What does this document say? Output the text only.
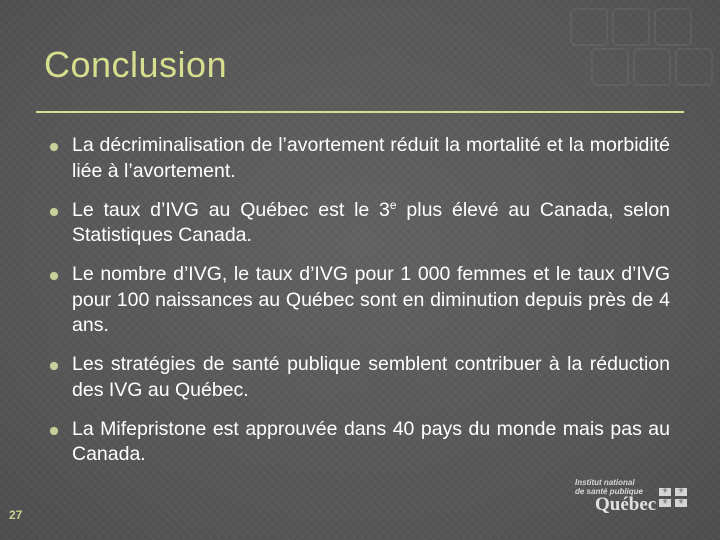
Conclusion
La décriminalisation de l’avortement réduit la mortalité et la morbidité liée à l’avortement.
Le taux d’IVG au Québec est le 3e plus élevé au Canada, selon Statistiques Canada.
Le nombre d’IVG, le taux d’IVG pour 1 000 femmes et le taux d’IVG pour 100 naissances au Québec sont en diminution depuis près de 4 ans.
Les stratégies de santé publique semblent contribuer à la réduction des IVG au Québec.
La Mifepristone est approuvée dans 40 pays du monde mais pas au Canada.
27
Institut national
de santé publique
Québec
⚜	⚜
⚜	⚜
